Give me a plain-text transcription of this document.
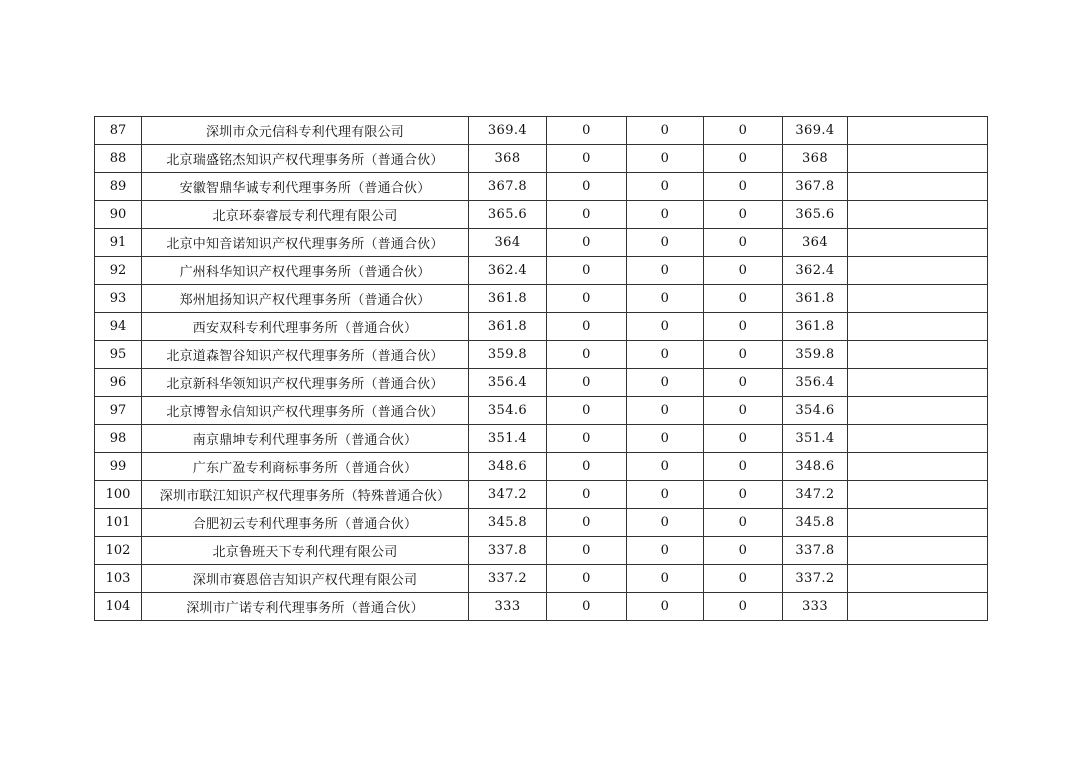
87	深圳市众元信科专利代理有限公司	369.4	0	0	0	369.4	
88	北京瑞盛铭杰知识产权代理事务所（普通合伙）	368	0	0	0	368	
89	安徽智鼎华诚专利代理事务所（普通合伙）	367.8	0	0	0	367.8	
90	北京环泰睿辰专利代理有限公司	365.6	0	0	0	365.6	
91	北京中知音诺知识产权代理事务所（普通合伙）	364	0	0	0	364	
92	广州科华知识产权代理事务所（普通合伙）	362.4	0	0	0	362.4	
93	郑州旭扬知识产权代理事务所（普通合伙）	361.8	0	0	0	361.8	
94	西安双科专利代理事务所（普通合伙）	361.8	0	0	0	361.8	
95	北京道森智谷知识产权代理事务所（普通合伙）	359.8	0	0	0	359.8	
96	北京新科华领知识产权代理事务所（普通合伙）	356.4	0	0	0	356.4	
97	北京博智永信知识产权代理事务所（普通合伙）	354.6	0	0	0	354.6	
98	南京鼎坤专利代理事务所（普通合伙）	351.4	0	0	0	351.4	
99	广东广盈专利商标事务所（普通合伙）	348.6	0	0	0	348.6	
100	深圳市联江知识产权代理事务所（特殊普通合伙）	347.2	0	0	0	347.2	
101	合肥初云专利代理事务所（普通合伙）	345.8	0	0	0	345.8	
102	北京鲁班天下专利代理有限公司	337.8	0	0	0	337.8	
103	深圳市赛恩倍吉知识产权代理有限公司	337.2	0	0	0	337.2	
104	深圳市广诺专利代理事务所（普通合伙）	333	0	0	0	333	
